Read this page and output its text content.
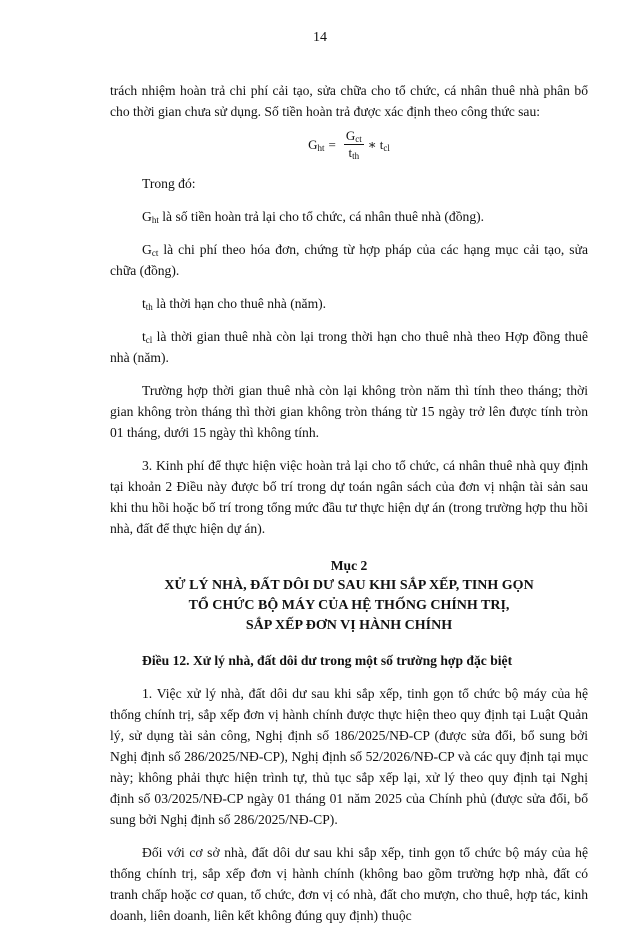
14

trách nhiệm hoàn trả chi phí cải tạo, sửa chữa cho tổ chức, cá nhân thuê nhà phân bổ cho thời gian chưa sử dụng. Số tiền hoàn trả được xác định theo công thức sau:

$G_{ht} = \frac{G_{ct}}{t_{th}}$ ∗ $t_{cl}$

Trong đó:

$G_{ht}$ là số tiền hoàn trả lại cho tổ chức, cá nhân thuê nhà (đồng).

$G_{ct}$ là chi phí theo hóa đơn, chứng từ hợp pháp của các hạng mục cải tạo, sửa chữa (đồng).

$t_{th}$ là thời hạn cho thuê nhà (năm).

$t_{cl}$ là thời gian thuê nhà còn lại trong thời hạn cho thuê nhà theo Hợp đồng thuê nhà (năm).

Trường hợp thời gian thuê nhà còn lại không tròn năm thì tính theo tháng; thời gian không tròn tháng thì thời gian không tròn tháng từ 15 ngày trở lên được tính tròn 01 tháng, dưới 15 ngày thì không tính.

3. Kinh phí để thực hiện việc hoàn trả lại cho tổ chức, cá nhân thuê nhà quy định tại khoản 2 Điều này được bố trí trong dự toán ngân sách của đơn vị nhận tài sản sau khi thu hồi hoặc bố trí trong tổng mức đầu tư thực hiện dự án (trong trường hợp thu hồi nhà, đất để thực hiện dự án).

Mục 2

XỬ LÝ NHÀ, ĐẤT DÔI DƯ SAU KHI SẮP XẾP, TINH GỌN

TỔ CHỨC BỘ MÁY CỦA HỆ THỐNG CHÍNH TRỊ,

SẮP XẾP ĐƠN VỊ HÀNH CHÍNH

Điều 12. Xử lý nhà, đất dôi dư trong một số trường hợp đặc biệt

1. Việc xử lý nhà, đất dôi dư sau khi sắp xếp, tinh gọn tổ chức bộ máy của hệ thống chính trị, sắp xếp đơn vị hành chính được thực hiện theo quy định tại Luật Quản lý, sử dụng tài sản công, Nghị định số 186/2025/NĐ-CP (được sửa đổi, bổ sung bởi Nghị định số 286/2025/NĐ-CP), Nghị định số 52/2026/NĐ-CP và các quy định tại mục này; không phải thực hiện trình tự, thủ tục sắp xếp lại, xử lý theo quy định tại Nghị định số 03/2025/NĐ-CP ngày 01 tháng 01 năm 2025 của Chính phủ (được sửa đổi, bổ sung bởi Nghị định số 286/2025/NĐ-CP).

Đối với cơ sở nhà, đất dôi dư sau khi sắp xếp, tinh gọn tổ chức bộ máy của hệ thống chính trị, sắp xếp đơn vị hành chính (không bao gồm trường hợp nhà, đất có tranh chấp hoặc cơ quan, tổ chức, đơn vị có nhà, đất cho mượn, cho thuê, hợp tác, kinh doanh, liên doanh, liên kết không đúng quy định) thuộc
